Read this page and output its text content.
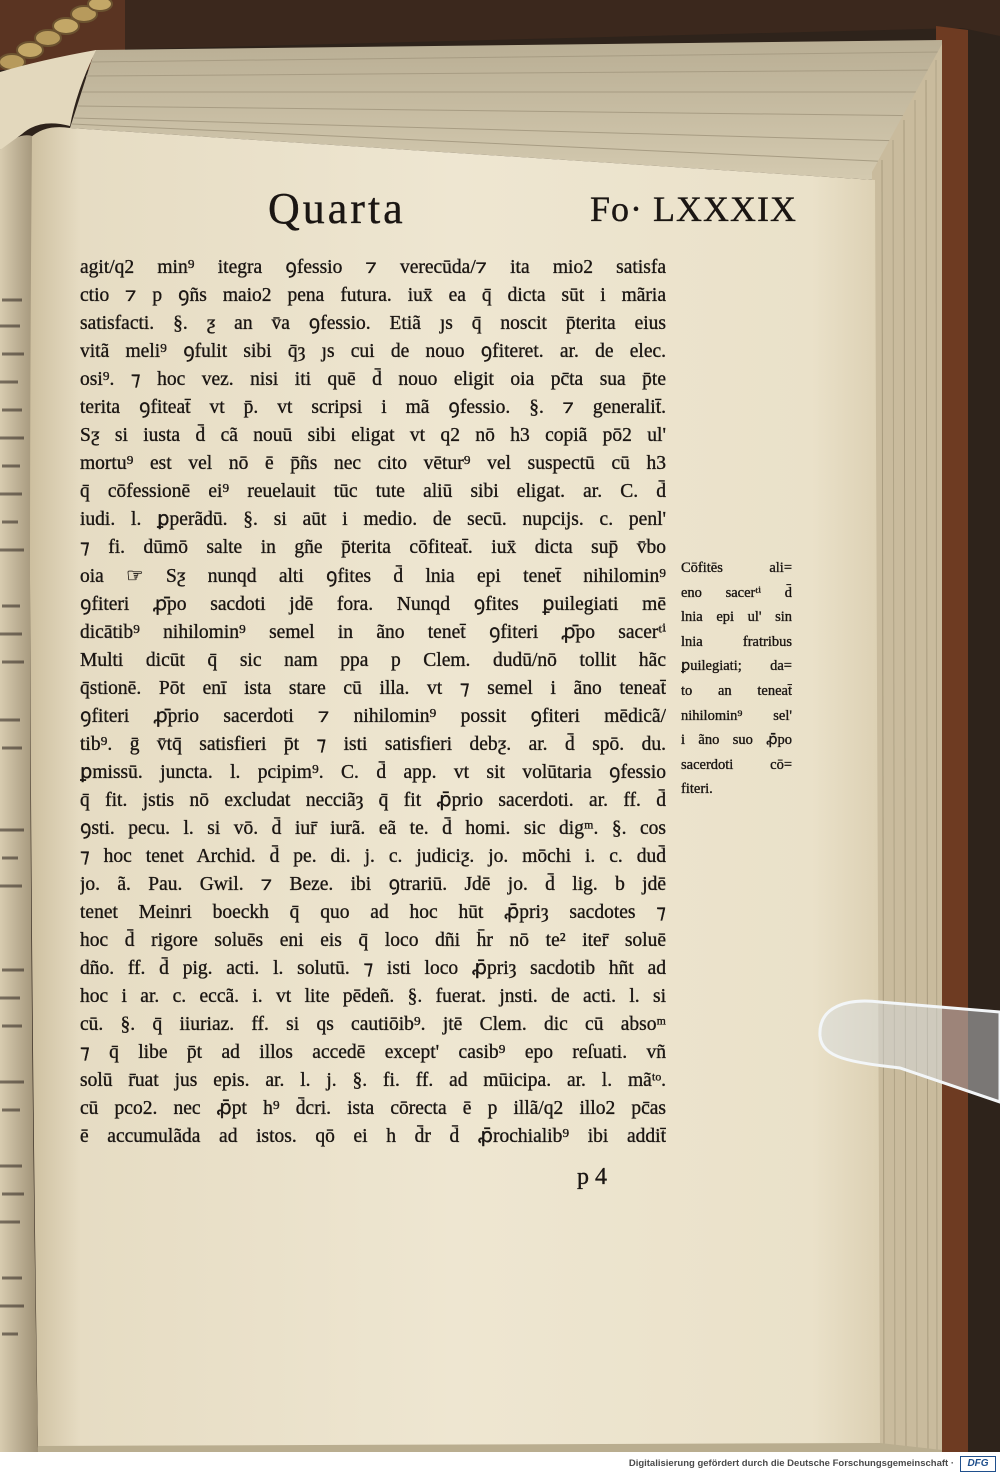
Quarta	Fo· LXXXIX
agit/q2 min⁹ itegra ꝯfessio ⁊ verecūda/⁊ ita mio2 satisfa
ctio ⁊ p ꝯñs maio2 pena futura. iux̄ ea q̄ dicta sūt i mãria
satisfacti. §. ƺ an v̄a ꝯfessio. Etiã ȷs q̄ noscit p̄terita eius
vitã meli⁹ ꝯfulit sibi q̄ȝ ȷs cui de nouo ꝯfiteret. ar. de elec.
osi⁹. ⁊ hoc vez. nisi iti quē d̄ nouo eligit oia pc̄ta sua p̄te
terita ꝯfiteat̄ vt p̄. vt scripsi i mã ꝯfessio. §. ⁊ generalit̄.
Sƺ si iusta d̄ cã nouū sibi eligat vt q2 nō h3 copiã pō2 ul'
mortu⁹ est vel nō ē p̄ñs nec cito vētur⁹ vel suspectū cū h3
q̄ cōfessionē ei⁹ reuelauit tūc tute aliū sibi eligat. ar. C. d̄
iudi. l. ꝑperãdū. §. si aūt i medio. de secū. nupcijs. c. penl'
⁊ fi. dūmō salte in gñe p̄terita cōfiteat̄. iux̄ dicta sup̄ v̄bo
oia ☞ Sƺ nunqd alti ꝯfites d̄ lnia epi tenet̄ nihilomin⁹
ꝯfiteri ꝓ̄po sacdoti jdē fora. Nunqd ꝯfites ꝑuilegiati mē
dicātib⁹ nihilomin⁹ semel in ãno tenet̄ ꝯfiteri ꝓ̄po sacerᵗⁱ
Multi dicūt q̄ sic nam ppa p Clem. dudū/nō tollit hãc
q̄stionē. Pōt enī ista stare cū illa. vt ⁊ semel i ãno teneat̄
ꝯfiteri ꝓ̄prio sacerdoti ⁊ nihilomin⁹ possit ꝯfiteri mēdicã/
tib⁹. ḡ v̄tq̄ satisfieri p̄t ⁊ isti satisfieri debƺ. ar. d̄ spō. du.
ꝑmissū. juncta. l. pcipim⁹. C. d̄ app. vt sit volūtaria ꝯfessio
q̄ fit. jstis nō excludat necciãȝ q̄ fit ꝓ̄prio sacerdoti. ar. ff. d̄
ꝯsti. pecu. l. si vō. d̄ iur̄ iurã. eã te. d̄ homi. sic digᵐ. §. cos
⁊ hoc tenet Archid. d̄ pe. di. j. c. judiciƺ. jo. mōchi i. c. dud̄
jo. ã. Pau. Gwil. ⁊ Beze. ibi ꝯtrariū. Jdē jo. d̄ lig. b jdē
tenet Meinri boeckh q̄ quo ad hoc hūt ꝓ̄priȝ sacdotes ⁊
hoc d̄ rigore soluēs eni eis q̄ loco dñi h̄r nō te² iter̄ soluē
dño. ff. d̄ pig. acti. l. solutū. ⁊ isti loco ꝓ̄priȝ sacdotib hñt ad
hoc i ar. c. eccã. i. vt lite pēdeñ. §. fuerat. jnsti. de acti. l. si
cū. §. q̄ iiuriaz. ff. si qs cautiōib⁹. jtē Clem. dic cū absoᵐ
⁊ q̄ libe p̄t ad illos accedē except' casib⁹ epo reſuati. vñ
solū r̄uat jus epis. ar. l. j. §. fi. ff. ad mūicipa. ar. l. mãᵗᵒ.
cū pco2. nec ꝓ̄pt h⁹ d̄cri. ista cōrecta ē p illã/q2 illo2 pc̄as
ē accumulãda ad istos. qō ei h d̄r d̄ ꝓ̄rochialib⁹ ibi addit̄
Cōfitēs ali=
eno sacerᵗⁱ d̄
lnia epi ul' sin
lnia fratribus
ꝑuilegiati; da=
to an teneat̄
nihilomin⁹ sel'
i ãno suo ꝓ̄po
sacerdoti cō=
fiteri.
p 4
Digitalisierung gefördert durch die Deutsche Forschungsgemeinschaft ·	DFG
